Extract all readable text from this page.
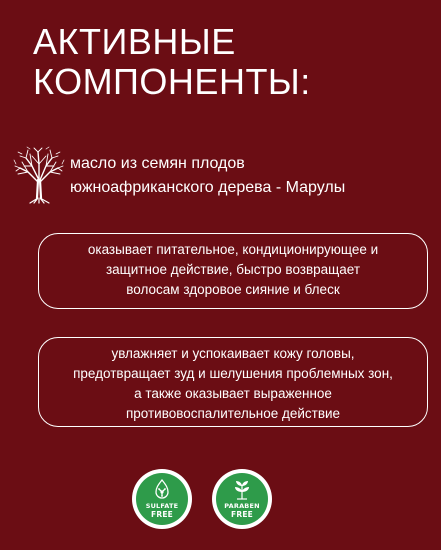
АКТИВНЫЕ
КОМПОНЕНТЫ:
масло из семян плодов
южноафриканского дерева - Марулы
оказывает питательное, кондиционирующее и
защитное действие, быстро возвращает
волосам здоровое сияние и блеск
увлажняет и успокаивает кожу головы,
предотвращает зуд и шелушения проблемных зон,
а также оказывает выраженное
противовоспалительное действие
SULFATE
FREE
PARABEN
FREE
